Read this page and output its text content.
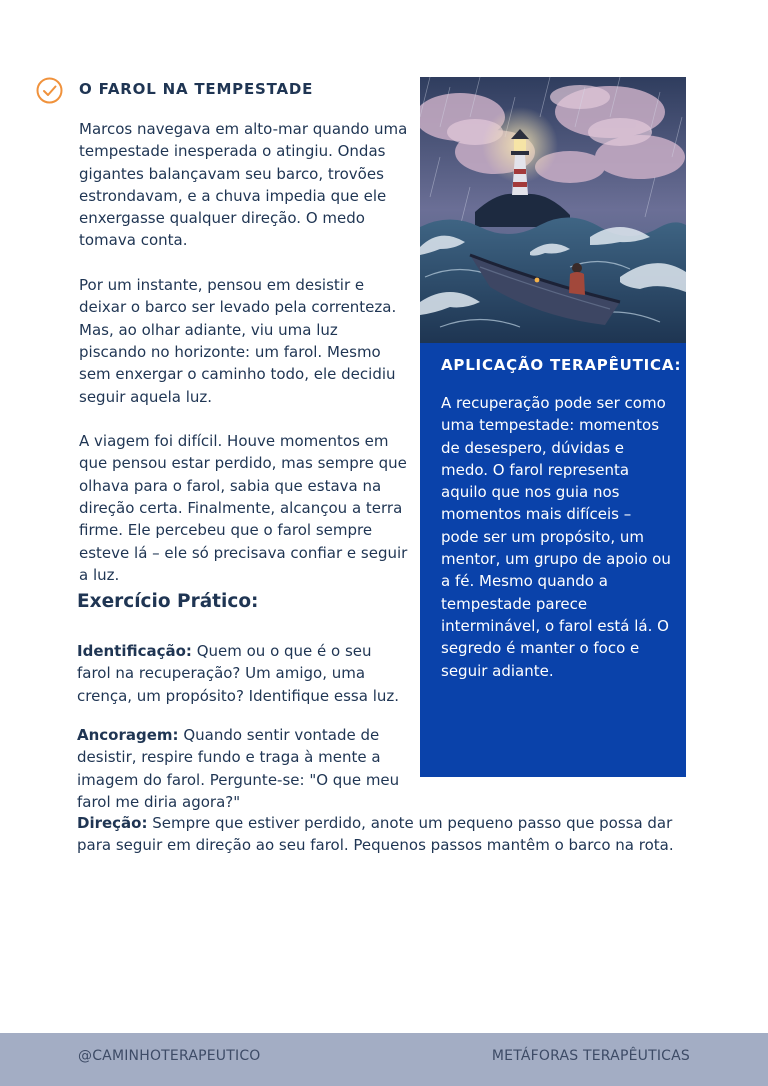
O FAROL NA TEMPESTADE

Marcos navegava em alto-mar quando uma tempestade inesperada o atingiu. Ondas gigantes balançavam seu barco, trovões estrondavam, e a chuva impedia que ele enxergasse qualquer direção. O medo tomava conta.

Por um instante, pensou em desistir e deixar o barco ser levado pela correnteza. Mas, ao olhar adiante, viu uma luz piscando no horizonte: um farol. Mesmo sem enxergar o caminho todo, ele decidiu seguir aquela luz.

A viagem foi difícil. Houve momentos em que pensou estar perdido, mas sempre que olhava para o farol, sabia que estava na direção certa. Finalmente, alcançou a terra firme. Ele percebeu que o farol sempre esteve lá – ele só precisava confiar e seguir a luz.

Exercício Prático:
Identificação: Quem ou o que é o seu farol na recuperação? Um amigo, uma crença, um propósito? Identifique essa luz.
Ancoragem: Quando sentir vontade de desistir, respire fundo e traga à mente a imagem do farol. Pergunte-se: "O que meu farol me diria agora?"
Direção: Sempre que estiver perdido, anote um pequeno passo que possa dar para seguir em direção ao seu farol. Pequenos passos mantêm o barco na rota.
APLICAÇÃO TERAPÊUTICA:
A recuperação pode ser como uma tempestade: momentos de desespero, dúvidas e medo. O farol representa aquilo que nos guia nos momentos mais difíceis – pode ser um propósito, um mentor, um grupo de apoio ou a fé. Mesmo quando a tempestade parece interminável, o farol está lá. O segredo é manter o foco e seguir adiante.
@CAMINHOTERAPEUTICO	METÁFORAS TERAPÊUTICAS
